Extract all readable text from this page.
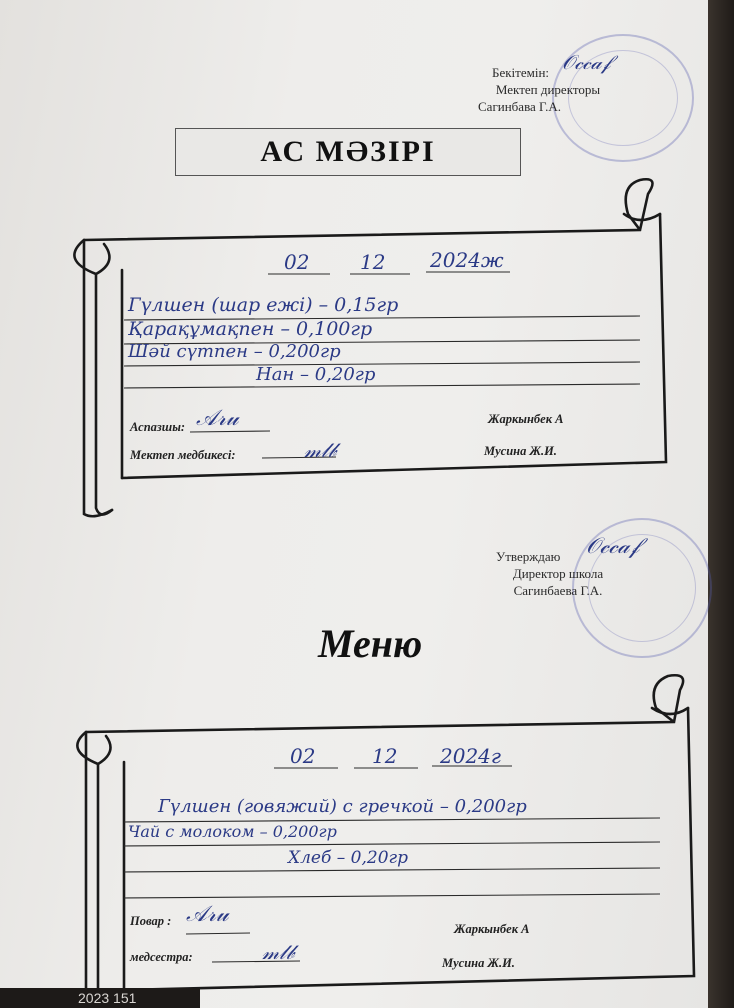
Бекітемін:
Мектеп директоры
Сагинбава Г.А.
𝒪𝒸𝒸𝒶𝒻
АС МӘЗІРІ
02	12 2024ж
Гүлшен (шар ежі) – 0,15гр
Қарақұмақпен – 0,100гр
Шәй сүтпен – 0,200гр
Нан – 0,20гр
Аспазшы: 𝒜𝓇𝓊
Мектеп медбикесі:	𝓂𝓁𝒷
Жаркынбек А
Мусина Ж.И.
Утверждаю
Директор школа
Сагинбаева Г.А.
𝒪𝒸𝒸𝒶𝒻
Меню
02	12 2024г
Гүлшен (говяжий) с гречкой – 0,200гр
Чай с молоком – 0,200гр
Хлеб – 0,20гр
Повар : 𝒜𝓇𝓊
медсестра:	𝓂𝓁𝒷
Жаркынбек А
Мусина Ж.И.
2023 151
